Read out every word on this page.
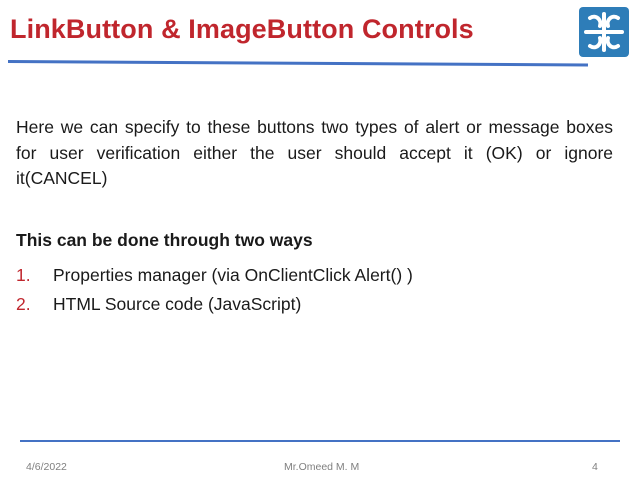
LinkButton & ImageButton Controls
Here we can specify to these buttons two types of alert or message boxes for user verification either the user should accept it (OK) or ignore it(CANCEL)
This can be done through two ways
1. Properties manager (via OnClientClick Alert() )
2. HTML Source code (JavaScript)
4/6/2022	Mr.Omeed M. M	4
